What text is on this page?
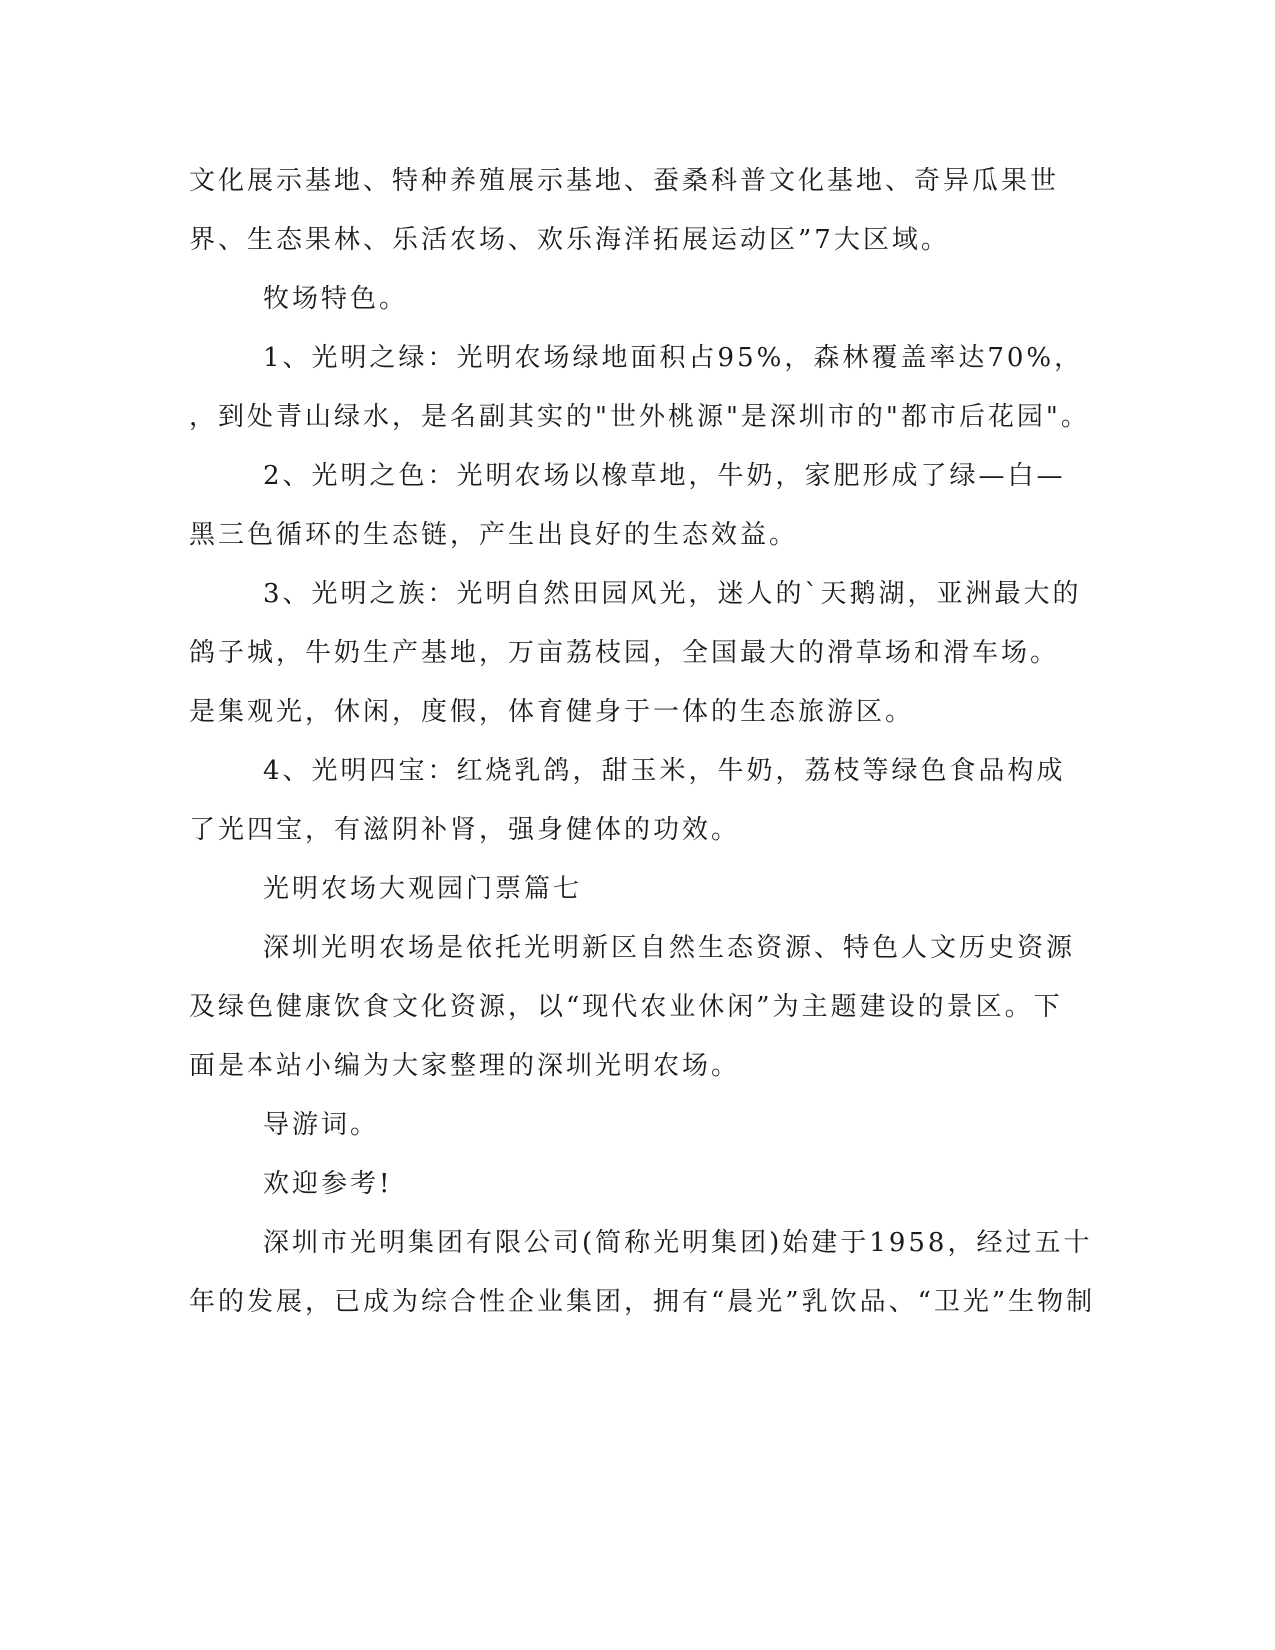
文化展示基地、特种养殖展示基地、蚕桑科普文化基地、奇异瓜果世

界、生态果林、乐活农场、欢乐海洋拓展运动区”7大区域。

牧场特色。

1、光明之绿：光明农场绿地面积占95%，森林覆盖率达70%，

，到处青山绿水，是名副其实的"世外桃源"是深圳市的"都市后花园"。

2、光明之色：光明农场以橡草地，牛奶，家肥形成了绿—白—

黑三色循环的生态链，产生出良好的生态效益。

3、光明之族：光明自然田园风光，迷人的`天鹅湖，亚洲最大的

鸽子城，牛奶生产基地，万亩荔枝园，全国最大的滑草场和滑车场。

是集观光，休闲，度假，体育健身于一体的生态旅游区。

4、光明四宝：红烧乳鸽，甜玉米，牛奶，荔枝等绿色食品构成

了光四宝，有滋阴补肾，强身健体的功效。

光明农场大观园门票篇七

深圳光明农场是依托光明新区自然生态资源、特色人文历史资源

及绿色健康饮食文化资源，以“现代农业休闲”为主题建设的景区。下

面是本站小编为大家整理的深圳光明农场。

导游词。

欢迎参考!

深圳市光明集团有限公司(简称光明集团)始建于1958，经过五十

年的发展，已成为综合性企业集团，拥有“晨光”乳饮品、“卫光”生物制
